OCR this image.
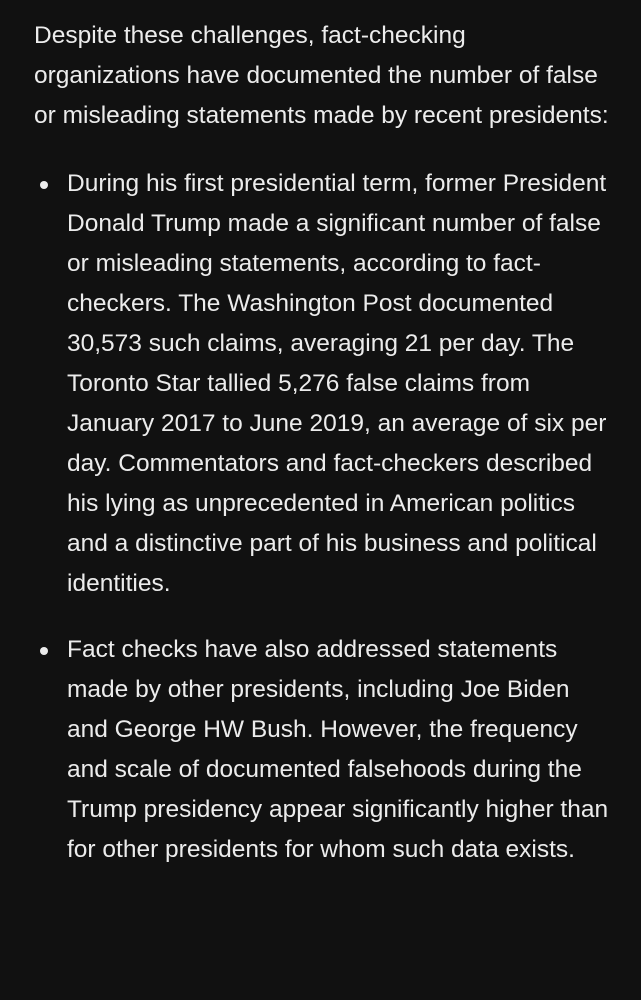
Despite these challenges, fact-checking organizations have documented the number of false or misleading statements made by recent presidents:

During his first presidential term, former President Donald Trump made a significant number of false or misleading statements, according to fact-checkers. The Washington Post documented 30,573 such claims, averaging 21 per day. The Toronto Star tallied 5,276 false claims from January 2017 to June 2019, an average of six per day. Commentators and fact-checkers described his lying as unprecedented in American politics and a distinctive part of his business and political identities.
Fact checks have also addressed statements made by other presidents, including Joe Biden and George HW Bush. However, the frequency and scale of documented falsehoods during the Trump presidency appear significantly higher than for other presidents for whom such data exists.
